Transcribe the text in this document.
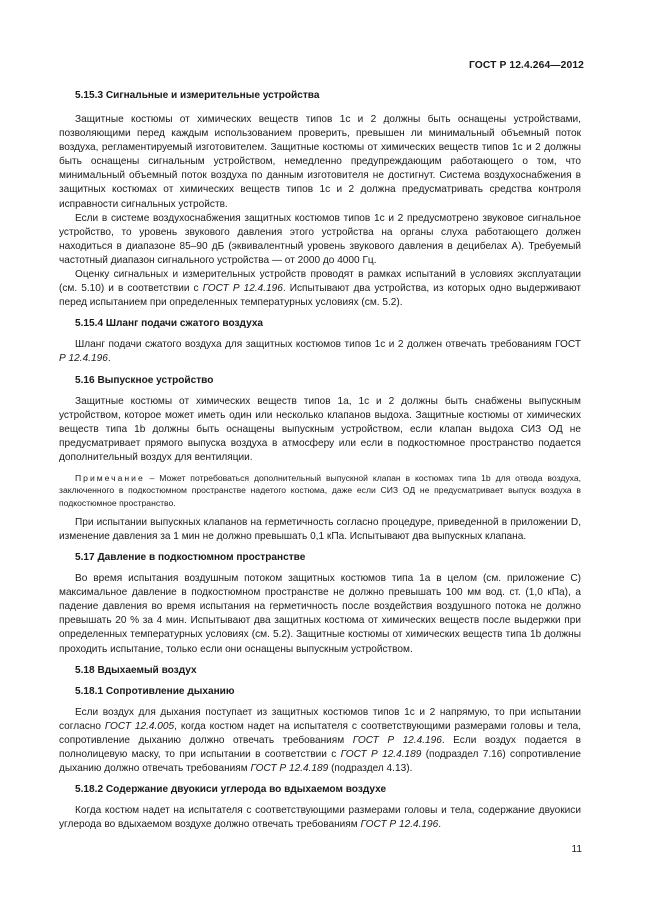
ГОСТ Р 12.4.264—2012

5.15.3 Сигнальные и измерительные устройства

Защитные костюмы от химических веществ типов 1с и 2 должны быть оснащены устройствами, позволяющими перед каждым использованием проверить, превышен ли минимальный объемный поток воздуха, регламентируемый изготовителем. Защитные костюмы от химических веществ типов 1с и 2 должны быть оснащены сигнальным устройством, немедленно предупреждающим работающего о том, что минимальный объемный поток воздуха по данным изготовителя не достигнут. Система воздухоснабжения в защитных костюмах от химических веществ типов 1с и 2 должна предусматривать средства контроля исправности сигнальных устройств.

Если в системе воздухоснабжения защитных костюмов типов 1с и 2 предусмотрено звуковое сигнальное устройство, то уровень звукового давления этого устройства на органы слуха работающего должен находиться в диапазоне 85–90 дБ (эквивалентный уровень звукового давления в децибелах А). Требуемый частотный диапазон сигнального устройства — от 2000 до 4000 Гц.

Оценку сигнальных и измерительных устройств проводят в рамках испытаний в условиях эксплуатации (см. 5.10) и в соответствии с ГОСТ Р 12.4.196. Испытывают два устройства, из которых одно выдерживают перед испытанием при определенных температурных условиях (см. 5.2).

5.15.4 Шланг подачи сжатого воздуха

Шланг подачи сжатого воздуха для защитных костюмов типов 1с и 2 должен отвечать требованиям ГОСТ Р 12.4.196.

5.16 Выпускное устройство

Защитные костюмы от химических веществ типов 1а, 1с и 2 должны быть снабжены выпускным устройством, которое может иметь один или несколько клапанов выдоха. Защитные костюмы от химических веществ типа 1b должны быть оснащены выпускным устройством, если клапан выдоха СИЗ ОД не предусматривает прямого выпуска воздуха в атмосферу или если в подкостюмное пространство подается дополнительный воздух для вентиляции.

Примечание – Может потребоваться дополнительный выпускной клапан в костюмах типа 1b для отвода воздуха, заключенного в подкостюмном пространстве надетого костюма, даже если СИЗ ОД не предусматривает выпуск воздуха в подкостюмное пространство.

При испытании выпускных клапанов на герметичность согласно процедуре, приведенной в приложении D, изменение давления за 1 мин не должно превышать 0,1 кПа. Испытывают два выпускных клапана.

5.17 Давление в подкостюмном пространстве

Во время испытания воздушным потоком защитных костюмов типа 1а в целом (см. приложение С) максимальное давление в подкостюмном пространстве не должно превышать 100 мм вод. ст. (1,0 кПа), а падение давления во время испытания на герметичность после воздействия воздушного потока не должно превышать 20 % за 4 мин. Испытывают два защитных костюма от химических веществ после выдержки при определенных температурных условиях (см. 5.2). Защитные костюмы от химических веществ типа 1b должны проходить испытание, только если они оснащены выпускным устройством.

5.18 Вдыхаемый воздух

5.18.1 Сопротивление дыханию

Если воздух для дыхания поступает из защитных костюмов типов 1с и 2 напрямую, то при испытании согласно ГОСТ 12.4.005, когда костюм надет на испытателя с соответствующими размерами головы и тела, сопротивление дыханию должно отвечать требованиям ГОСТ Р 12.4.196. Если воздух подается в полнолицевую маску, то при испытании в соответствии с ГОСТ Р 12.4.189 (подраздел 7.16) сопротивление дыханию должно отвечать требованиям ГОСТ Р 12.4.189 (подраздел 4.13).

5.18.2 Содержание двуокиси углерода во вдыхаемом воздухе

Когда костюм надет на испытателя с соответствующими размерами головы и тела, содержание двуокиси углерода во вдыхаемом воздухе должно отвечать требованиям ГОСТ Р 12.4.196.

11
